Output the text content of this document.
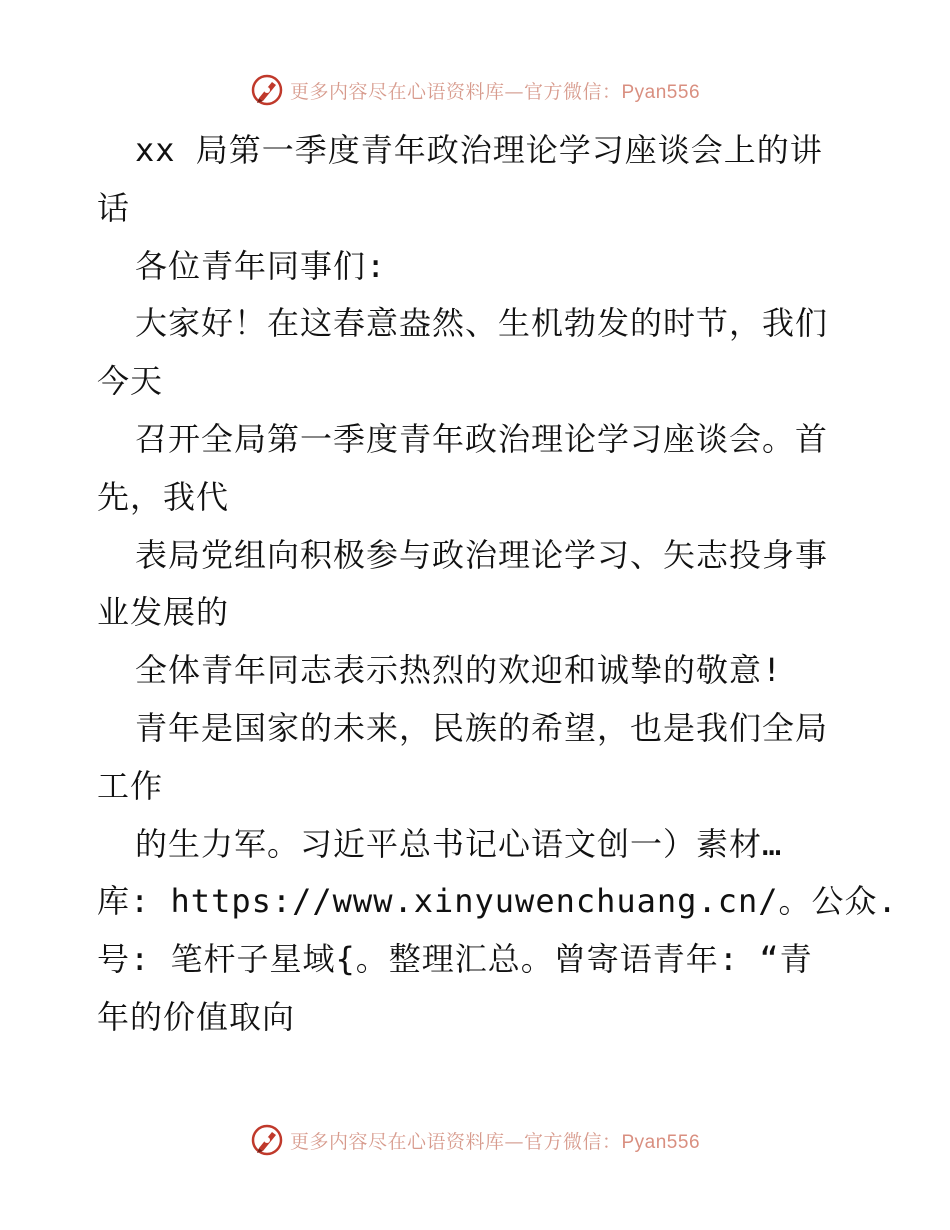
更多内容尽在心语资料库—官方微信：Pyan556
xx 局第一季度青年政治理论学习座谈会上的讲
话
各位青年同事们:
大家好！在这春意盎然、生机勃发的时节，我们
今天
召开全局第一季度青年政治理论学习座谈会。首
先，我代
表局党组向积极参与政治理论学习、矢志投身事
业发展的
全体青年同志表示热烈的欢迎和诚挚的敬意!
青年是国家的未来，民族的希望，也是我们全局
工作
的生力军。习近平总书记心语文创一）素材…
库: https://www.xinyuwenchuang.cn/。公众.
号: 笔杆子星域{。整理汇总。曾寄语青年: “青
年的价值取向
更多内容尽在心语资料库—官方微信：Pyan556
